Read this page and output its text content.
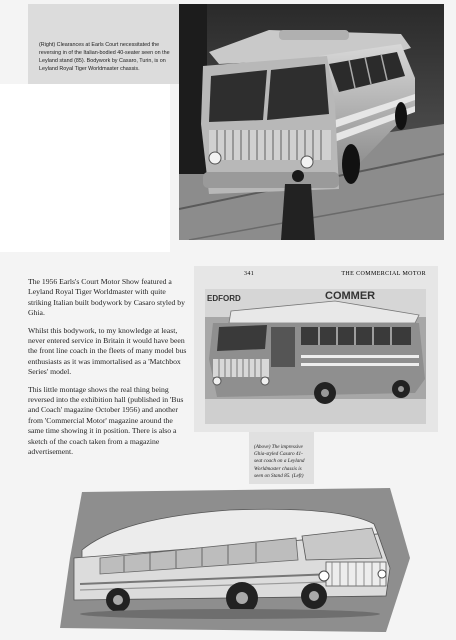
(Right) Clearances at Earls Court necessitated the reversing in of the Italian-bodied 40-seater seen on the Leyland stand (85). Bodywork by Casaro, Turin, is on Leyland Royal Tiger Worldmaster chassis.

The 1956 Earls's Court Motor Show featured a Leyland Royal Tiger Worldmaster with quite striking Italian built bodywork by Casaro styled by Ghia.

Whilst this bodywork, to my knowledge at least, never entered service in Britain it would have been the front line coach in the fleets of many model bus enthusiasts as it was immortalised as a 'Matchbox Series' model.

This little montage shows the real thing being reversed into the exhibition hall (published in 'Bus and Coach' magazine October 1956) and another from 'Commercial Motor' magazine around the same time showing it in position. There is also a sketch of the coach taken from a magazine advertisement.

341	THE COMMERCIAL MOTOR
EDFORD	COMMER
(Above) The impressive Ghia-styled Casaro 41-seat coach on a Leyland Worldmaster chassis is seen on Stand 85. (Left)
